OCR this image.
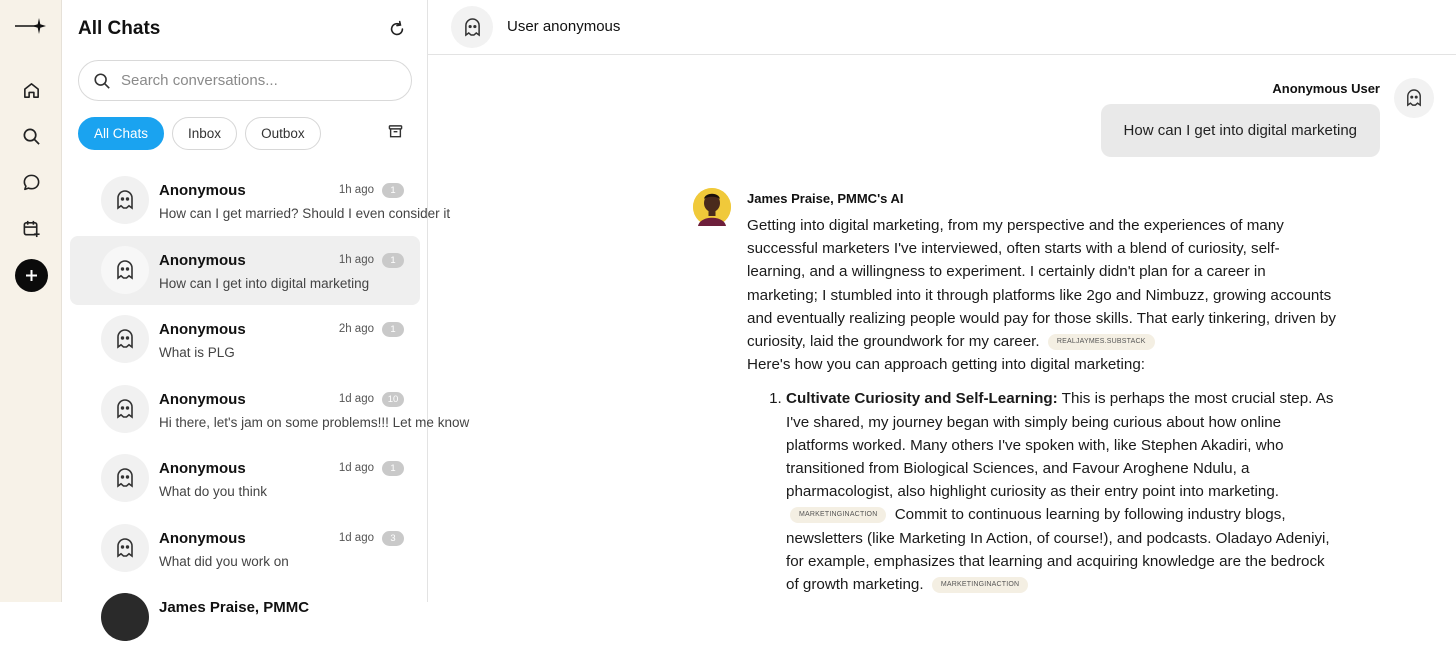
All Chats
Search conversations...
All Chats	Inbox	Outbox
Anonymous
How can I get married? Should I even consider it
1h ago	1
Anonymous
How can I get into digital marketing
1h ago	1
Anonymous
What is PLG
2h ago	1
Anonymous
Hi there, let's jam on some problems!!! Let me know
1d ago	10
Anonymous
What do you think
1d ago	1
Anonymous
What did you work on
1d ago	3
James Praise, PMMC
User anonymous
Anonymous User
How can I get into digital marketing
James Praise, PMMC's AI

Getting into digital marketing, from my perspective and the experiences of many successful marketers I've interviewed, often starts with a blend of curiosity, self-learning, and a willingness to experiment. I certainly didn't plan for a career in marketing; I stumbled into it through platforms like 2go and Nimbuzz, growing accounts and eventually realizing people would pay for those skills. That early tinkering, driven by curiosity, laid the groundwork for my career. REALJAYMES.SUBSTACK

Here's how you can approach getting into digital marketing:

1. Cultivate Curiosity and Self-Learning: This is perhaps the most crucial step. As I've shared, my journey began with simply being curious about how online platforms worked. Many others I've spoken with, like Stephen Akadiri, who transitioned from Biological Sciences, and Favour Aroghene Ndulu, a pharmacologist, also highlight curiosity as their entry point into marketing. MARKETINGINACTION Commit to continuous learning by following industry blogs, newsletters (like Marketing In Action, of course!), and podcasts. Oladayo Adeniyi, for example, emphasizes that learning and acquiring knowledge are the bedrock of growth marketing. MARKETINGINACTION
